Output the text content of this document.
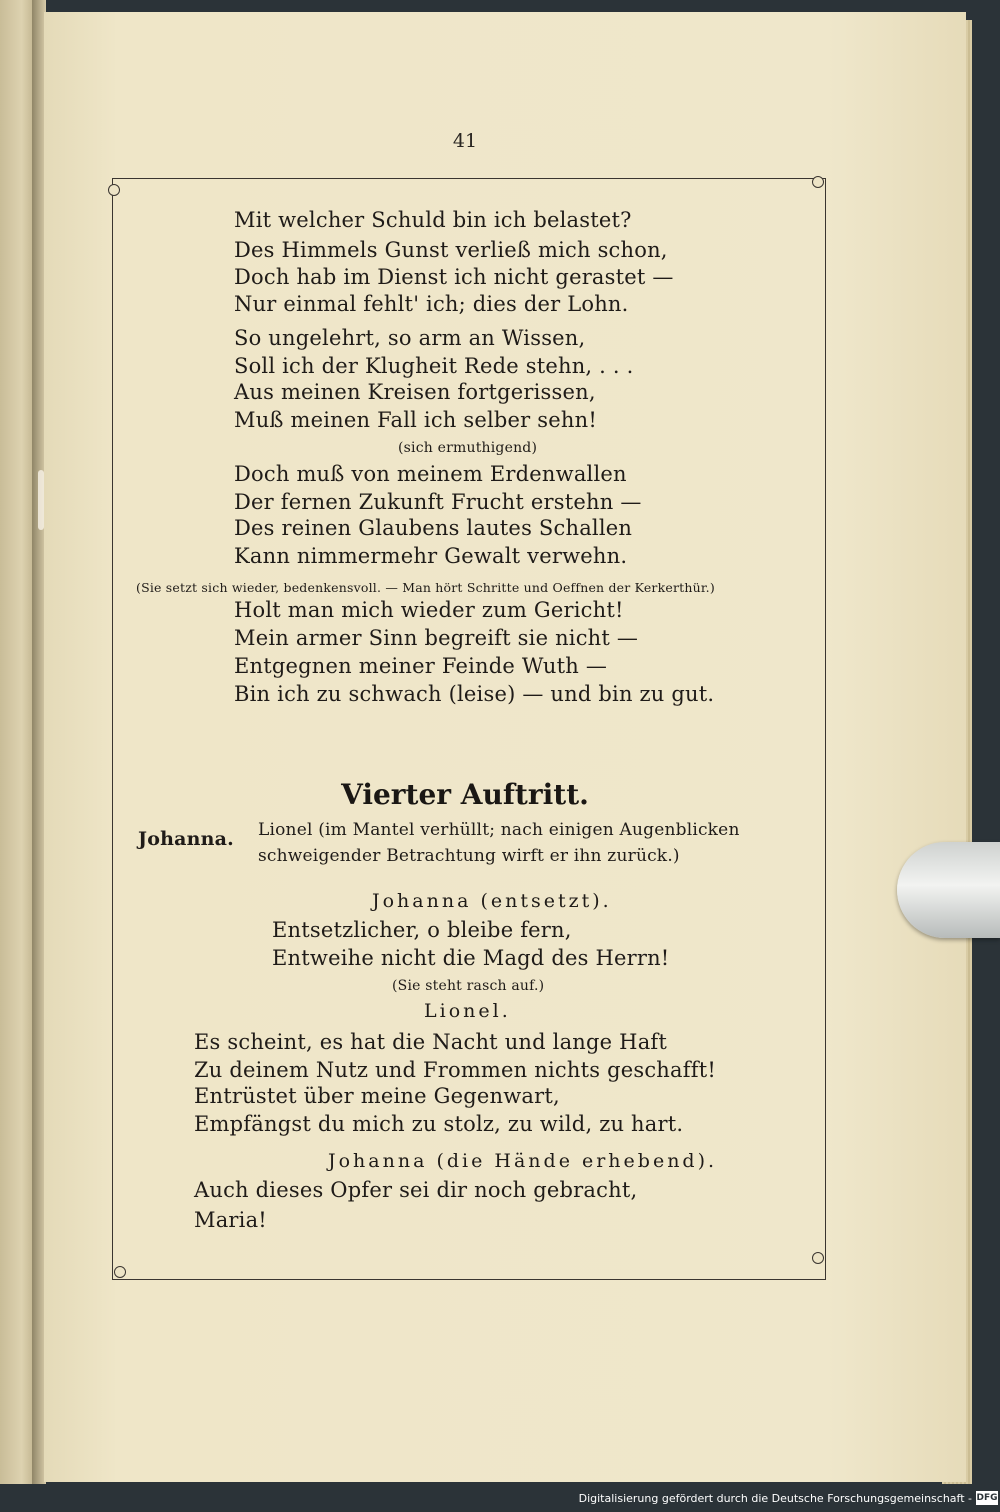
41
Mit welcher Schuld bin ich belastet?
Des Himmels Gunst verließ mich schon,
Doch hab im Dienst ich nicht gerastet —
Nur einmal fehlt' ich; dies der Lohn.
So ungelehrt, so arm an Wissen,
Soll ich der Klugheit Rede stehn, . . .
Aus meinen Kreisen fortgerissen,
Muß meinen Fall ich selber sehn!
(sich ermuthigend)
Doch muß von meinem Erdenwallen
Der fernen Zukunft Frucht erstehn —
Des reinen Glaubens lautes Schallen
Kann nimmermehr Gewalt verwehn.
(Sie setzt sich wieder, bedenkensvoll. — Man hört Schritte und Oeffnen der Kerkerthür.)
Holt man mich wieder zum Gericht!
Mein armer Sinn begreift sie nicht —
Entgegnen meiner Feinde Wuth —
Bin ich zu schwach (leise) — und bin zu gut.
Vierter Auftritt.
Johanna. Lionel (im Mantel verhüllt; nach einigen Augenblicken
schweigender Betrachtung wirft er ihn zurück.)
Johanna (entsetzt).
Entsetzlicher, o bleibe fern,
Entweihe nicht die Magd des Herrn!
(Sie steht rasch auf.)
Lionel.
Es scheint, es hat die Nacht und lange Haft
Zu deinem Nutz und Frommen nichts geschafft!
Entrüstet über meine Gegenwart,
Empfängst du mich zu stolz, zu wild, zu hart.
Johanna (die Hände erhebend).
Auch dieses Opfer sei dir noch gebracht,
Maria!
Digitalisierung gefördert durch die Deutsche Forschungsgemeinschaft - DFG
